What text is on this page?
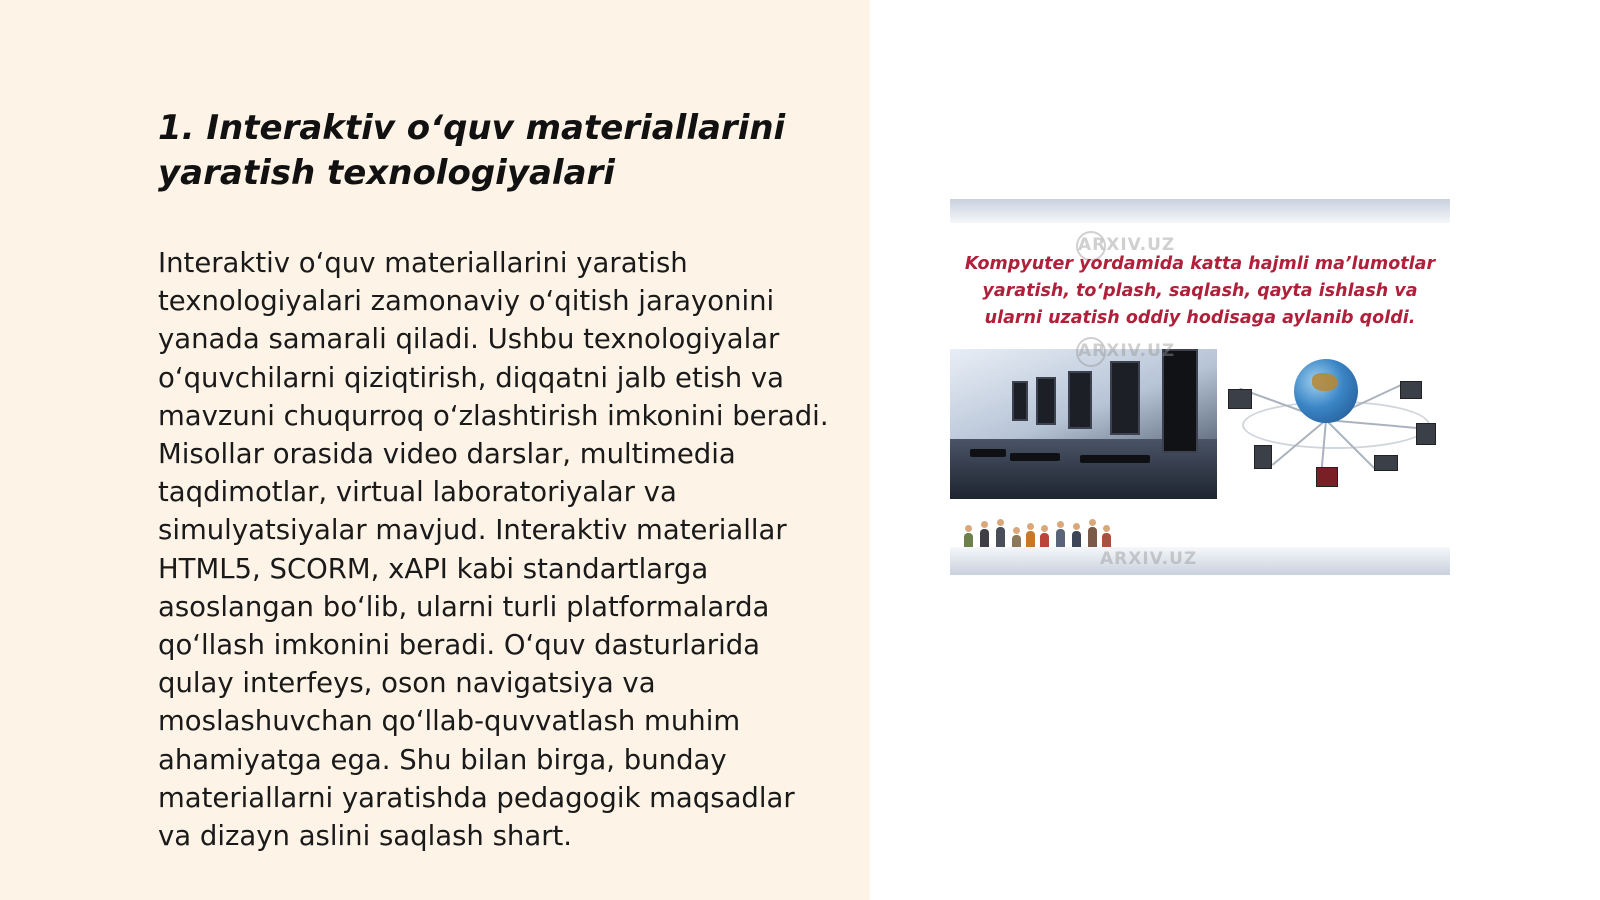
1. Interaktiv o‘quv materiallarini yaratish texnologiyalari

Interaktiv o‘quv materiallarini yaratish texnologiyalari zamonaviy o‘qitish jarayonini yanada samarali qiladi. Ushbu texnologiyalar o‘quvchilarni qiziqtirish, diqqatni jalb etish va mavzuni chuqurroq o‘zlashtirish imkonini beradi. Misollar orasida video darslar, multimedia taqdimotlar, virtual laboratoriyalar va simulyatsiyalar mavjud. Interaktiv materiallar HTML5, SCORM, xAPI kabi standartlarga asoslangan bo‘lib, ularni turli platformalarda qo‘llash imkonini beradi. O‘quv dasturlarida qulay interfeys, oson navigatsiya va moslashuvchan qo‘llab-quvvatlash muhim ahamiyatga ega. Shu bilan birga, bunday materiallarni yaratishda pedagogik maqsadlar va dizayn aslini saqlash shart.

ARXIV.UZ

Kompyuter yordamida katta hajmli ma’lumotlar yaratish, to‘plash, saqlash, qayta ishlash va ularni uzatish oddiy hodisaga aylanib qoldi.

ARXIV.UZ
ARXIV.UZ
